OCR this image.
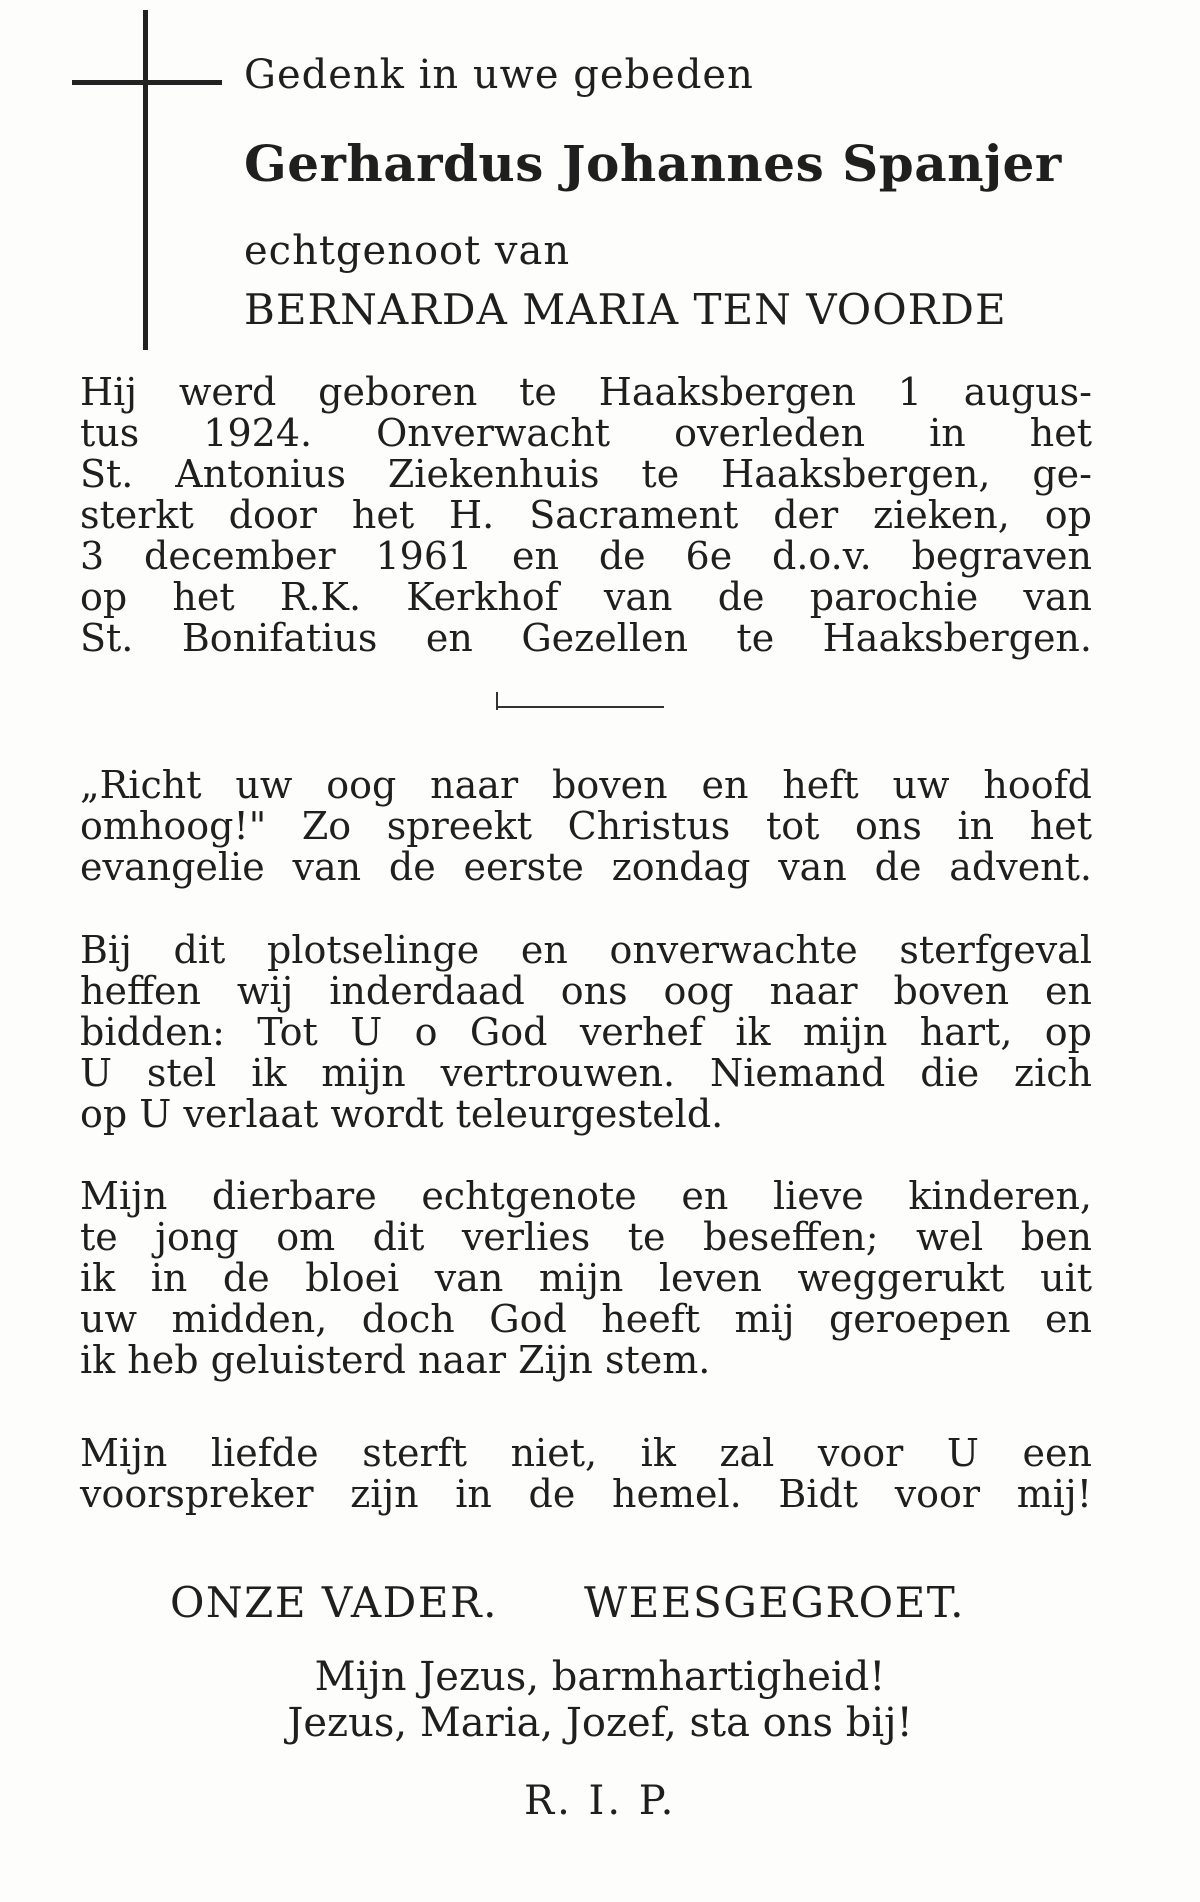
Gedenk in uwe gebeden
Gerhardus Johannes Spanjer
echtgenoot van
BERNARDA MARIA TEN VOORDE
Hij werd geboren te Haaksbergen 1 augus-
tus 1924. Onverwacht overleden in het
St. Antonius Ziekenhuis te Haaksbergen, ge-
sterkt door het H. Sacrament der zieken, op
3 december 1961 en de 6e d.o.v. begraven
op het R.K. Kerkhof van de parochie van
St. Bonifatius en Gezellen te Haaksbergen.
„Richt uw oog naar boven en heft uw hoofd
omhoog!" Zo spreekt Christus tot ons in het
evangelie van de eerste zondag van de advent.
Bij dit plotselinge en onverwachte sterfgeval
heffen wij inderdaad ons oog naar boven en
bidden: Tot U o God verhef ik mijn hart, op
U stel ik mijn vertrouwen. Niemand die zich
op U verlaat wordt teleurgesteld.
Mijn dierbare echtgenote en lieve kinderen,
te jong om dit verlies te beseffen; wel ben
ik in de bloei van mijn leven weggerukt uit
uw midden, doch God heeft mij geroepen en
ik heb geluisterd naar Zijn stem.
Mijn liefde sterft niet, ik zal voor U een
voorspreker zijn in de hemel. Bidt voor mij!
ONZE VADER. WEESGEGROET.
Mijn Jezus, barmhartigheid!
Jezus, Maria, Jozef, sta ons bij!
R. I. P.
